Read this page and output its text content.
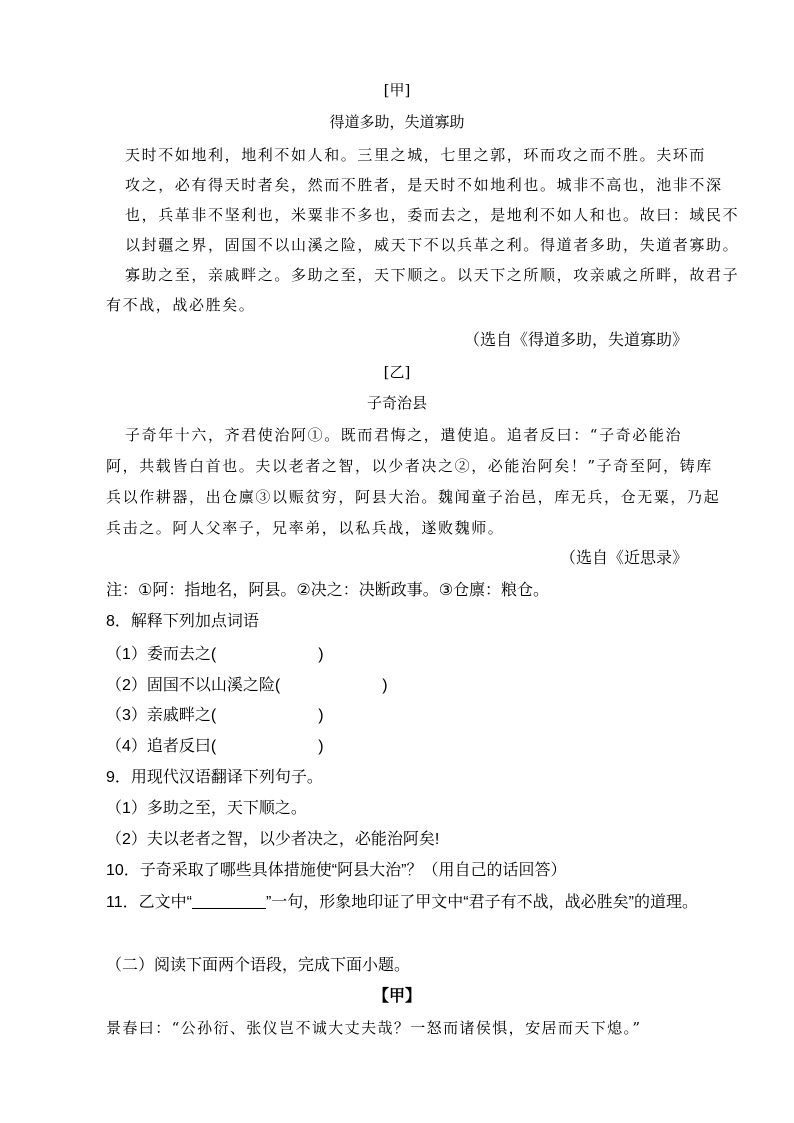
[甲]
得道多助，失道寡助
天时不如地利，地利不如人和。三里之城，七里之郭，环而攻之而不胜。夫环而
攻之，必有得天时者矣，然而不胜者，是天时不如地利也。城非不高也，池非不深
也，兵革非不坚利也，米粟非不多也，委而去之，是地利不如人和也。故曰：域民不
以封疆之界，固国不以山溪之险，威天下不以兵革之利。得道者多助，失道者寡助。
寡助之至，亲戚畔之。多助之至，天下顺之。以天下之所顺，攻亲戚之所畔，故君子
有不战，战必胜矣。
（选自《得道多助，失道寡助》
[乙]
子奇治县
子奇年十六，齐君使治阿①。既而君悔之，遣使追。追者反曰：“子奇必能治
阿，共载皆白首也。夫以老者之智，以少者决之②，必能治阿矣！”子奇至阿，铸库
兵以作耕器，出仓廪③以赈贫穷，阿县大治。魏闻童子治邑，库无兵，仓无粟，乃起
兵击之。阿人父率子，兄率弟，以私兵战，遂败魏师。
（选自《近思录》
注：①阿：指地名，阿县。②决之：决断政事。③仓廪：粮仓。
8．解释下列加点词语
（1）委而去之(	)
（2）固国不以山溪之险(	)
（3）亲戚畔之(	)
（4）追者反曰(	)
9．用现代汉语翻译下列句子。
（1）多助之至，天下顺之。
（2）夫以老者之智，以少者决之，必能治阿矣!
10．子奇采取了哪些具体措施使“阿县大治”？（用自己的话回答）
11．乙文中“	”一句，形象地印证了甲文中“君子有不战，战必胜矣”的道理。
（二）阅读下面两个语段，完成下面小题。
【甲】
景春曰：“公孙衍、张仪岂不诚大丈夫哉？一怒而诸侯惧，安居而天下熄。”
